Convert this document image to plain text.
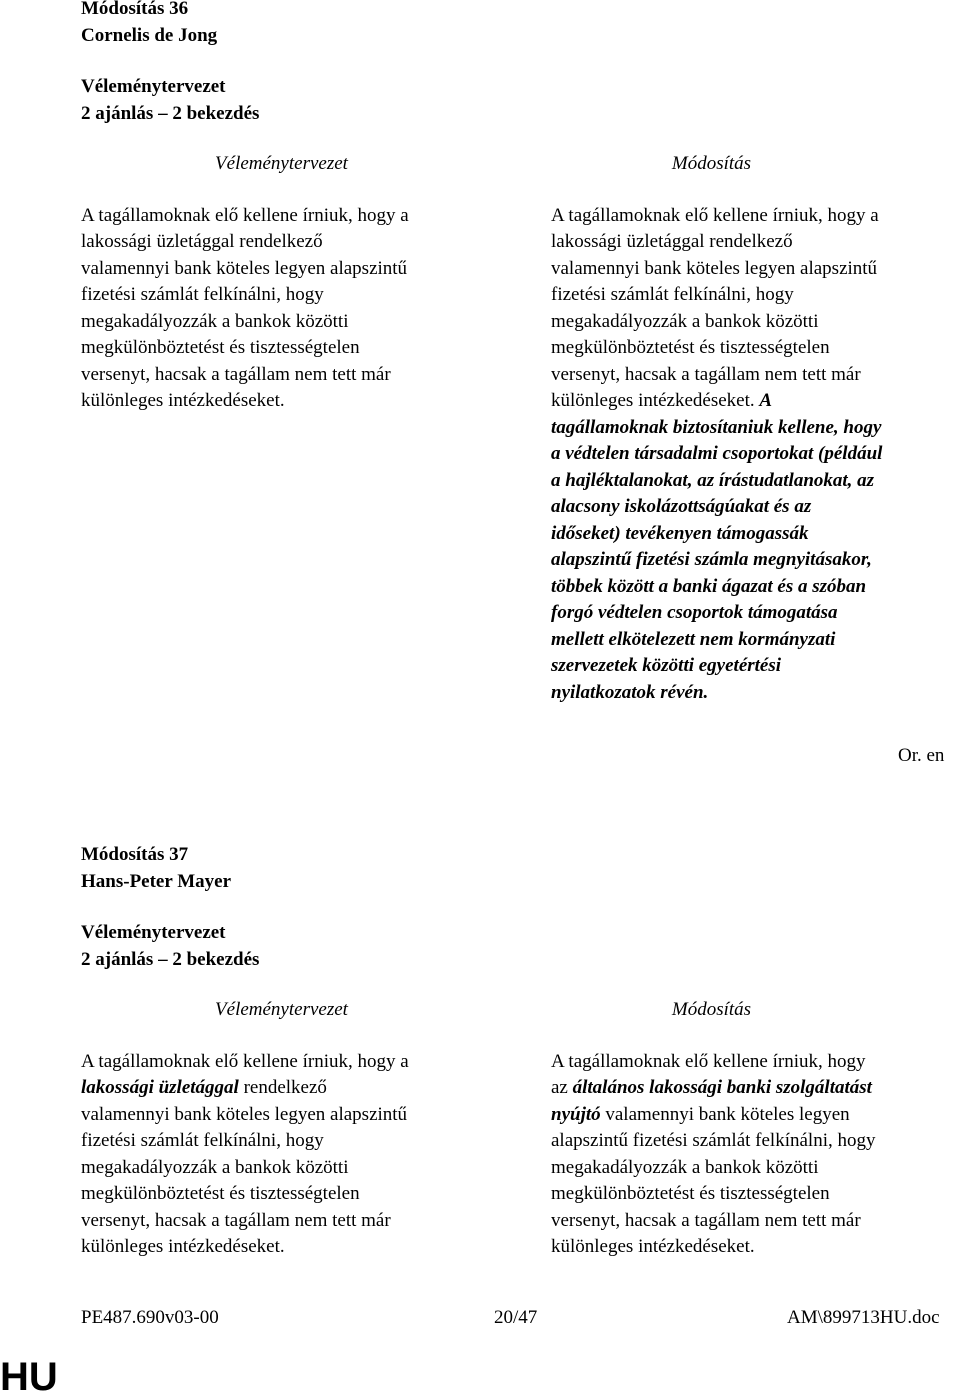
Módosítás 36
Cornelis de Jong
Véleménytervezet
2 ajánlás – 2 bekezdés
Véleménytervezet
A tagállamoknak elő kellene írniuk, hogy a
lakossági üzletággal rendelkező
valamennyi bank köteles legyen alapszintű
fizetési számlát felkínálni, hogy
megakadályozzák a bankok közötti
megkülönböztetést és tisztességtelen
versenyt, hacsak a tagállam nem tett már
különleges intézkedéseket.
Módosítás
A tagállamoknak elő kellene írniuk, hogy a
lakossági üzletággal rendelkező
valamennyi bank köteles legyen alapszintű
fizetési számlát felkínálni, hogy
megakadályozzák a bankok közötti
megkülönböztetést és tisztességtelen
versenyt, hacsak a tagállam nem tett már
különleges intézkedéseket. A
tagállamoknak biztosítaniuk kellene, hogy
a védtelen társadalmi csoportokat (például
a hajléktalanokat, az írástudatlanokat, az
alacsony iskolázottságúakat és az
időseket) tevékenyen támogassák
alapszintű fizetési számla megnyitásakor,
többek között a banki ágazat és a szóban
forgó védtelen csoportok támogatása
mellett elkötelezett nem kormányzati
szervezetek közötti egyetértési
nyilatkozatok révén.
Or. en
Módosítás 37
Hans-Peter Mayer
Véleménytervezet
2 ajánlás – 2 bekezdés
Véleménytervezet
A tagállamoknak elő kellene írniuk, hogy a
lakossági üzletággal rendelkező
valamennyi bank köteles legyen alapszintű
fizetési számlát felkínálni, hogy
megakadályozzák a bankok közötti
megkülönböztetést és tisztességtelen
versenyt, hacsak a tagállam nem tett már
különleges intézkedéseket.
Módosítás
A tagállamoknak elő kellene írniuk, hogy
az általános lakossági banki szolgáltatást
nyújtó valamennyi bank köteles legyen
alapszintű fizetési számlát felkínálni, hogy
megakadályozzák a bankok közötti
megkülönböztetést és tisztességtelen
versenyt, hacsak a tagállam nem tett már
különleges intézkedéseket.
PE487.690v03-00	20/47	AM\899713HU.doc
HU
